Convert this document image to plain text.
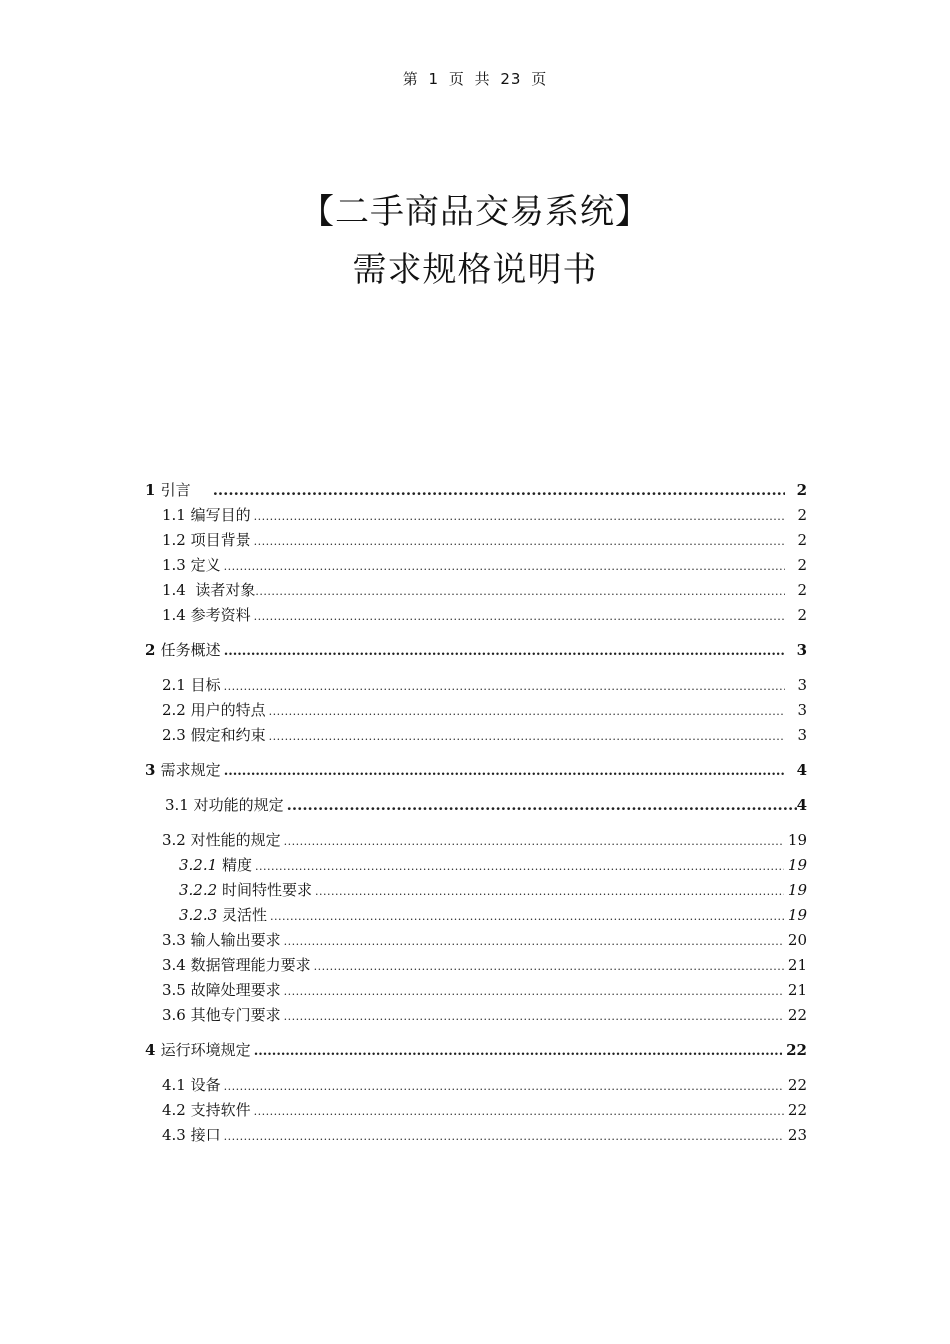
第 1 页 共 23 页
【二手商品交易系统】
需求规格说明书
1 引言 .....	2
1.1 编写目的 .....	2
1.2 项目背景 .....	2
1.3 定义 .....	2
1.4 读者对象 .....	2
1.4 参考资料 .....	2
2 任务概述 .....	3
2.1 目标 .....	3
2.2 用户的特点 .....	3
2.3 假定和约束 .....	3
3 需求规定 .....	4
3.1 对功能的规定 .....	4
3.2 对性能的规定 .....	19
3.2.1 精度 .....	19
3.2.2 时间特性要求 .....	19
3.2.3 灵活性 .....	19
3.3 输人输出要求 .....	20
3.4 数据管理能力要求 .....	21
3.5 故障处理要求 .....	21
3.6 其他专门要求 .....	22
4 运行环境规定 .....	22
4.1 设备 .....	22
4.2 支持软件 .....	22
4.3 接口 .....	23
